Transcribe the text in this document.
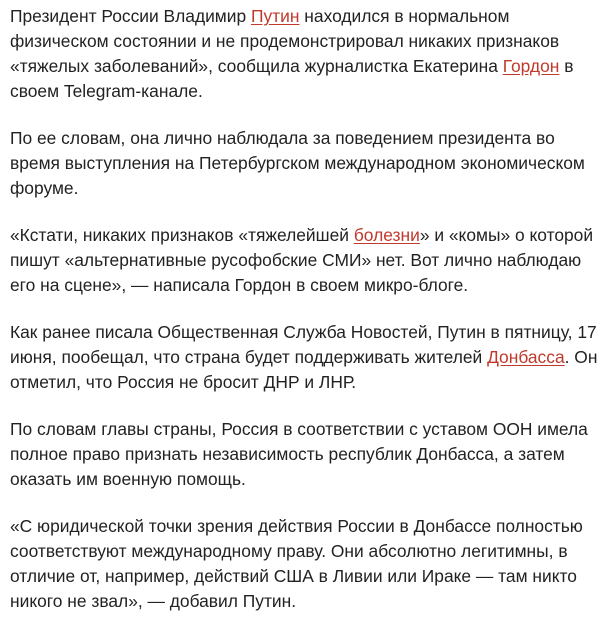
Президент России Владимир Путин находился в нормальном физическом состоянии и не продемонстрировал никаких признаков «тяжелых заболеваний», сообщила журналистка Екатерина Гордон в своем Telegram-канале.

По ее словам, она лично наблюдала за поведением президента во время выступления на Петербургском международном экономическом форуме.

«Кстати, никаких признаков «тяжелейшей болезни» и «комы» о которой пишут «альтернативные русофобские СМИ» нет. Вот лично наблюдаю его на сцене», — написала Гордон в своем микро-блоге.

Как ранее писала Общественная Служба Новостей, Путин в пятницу, 17 июня, пообещал, что страна будет поддерживать жителей Донбасса. Он отметил, что Россия не бросит ДНР и ЛНР.

По словам главы страны, Россия в соответствии с уставом ООН имела полное право признать независимость республик Донбасса, а затем оказать им военную помощь.

«С юридической точки зрения действия России в Донбассе полностью соответствуют международному праву. Они абсолютно легитимны, в отличие от, например, действий США в Ливии или Ираке — там никто никого не звал», — добавил Путин.
